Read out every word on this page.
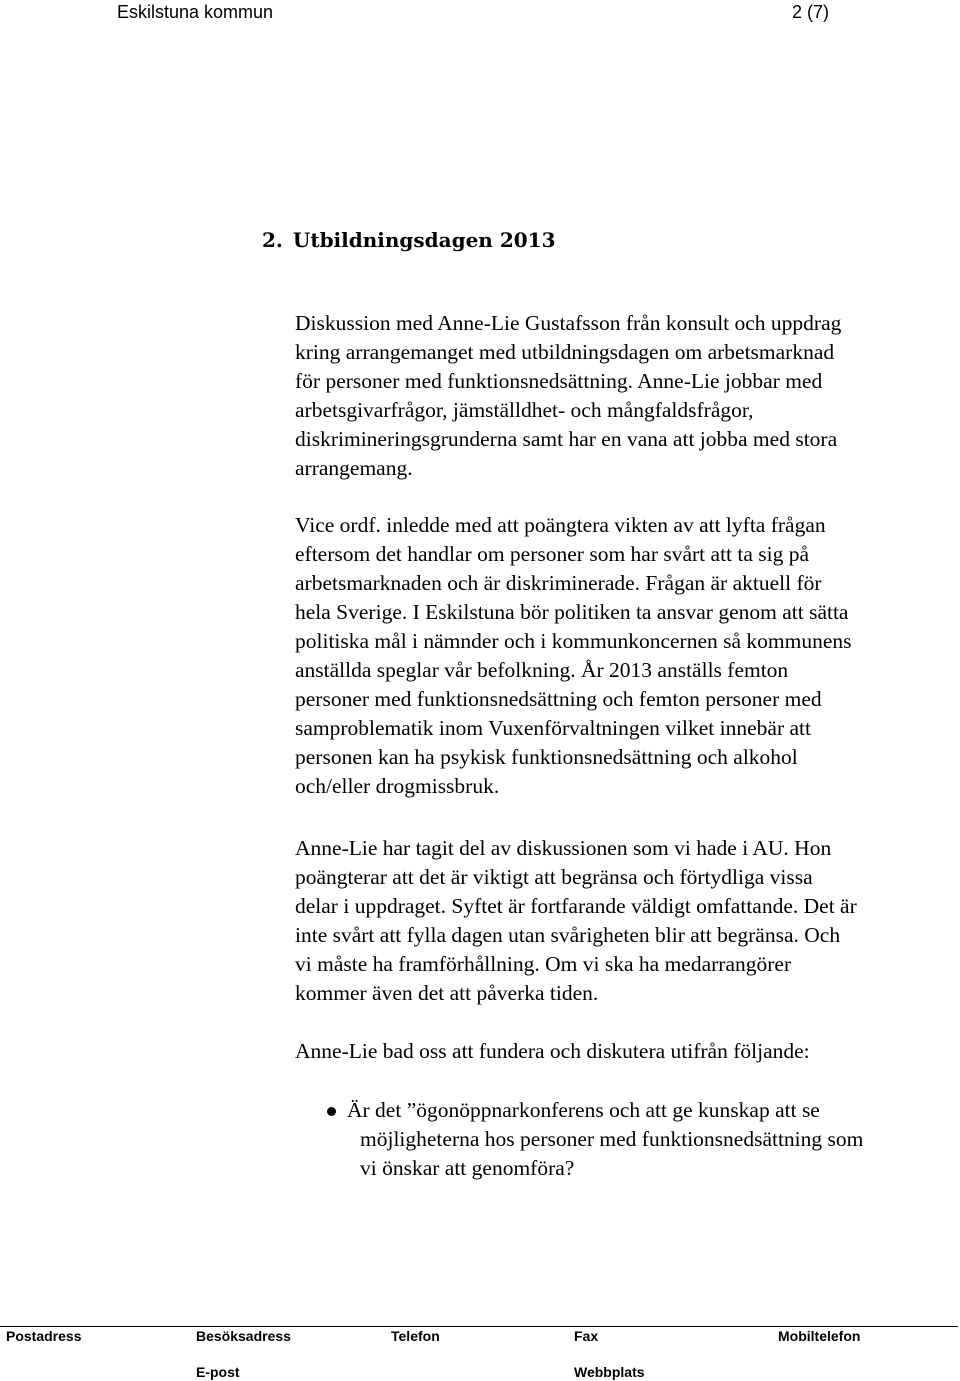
Eskilstuna kommun	2 (7)
2. Utbildningsdagen 2013

Diskussion med Anne-Lie Gustafsson från konsult och uppdrag
kring arrangemanget med utbildningsdagen om arbetsmarknad
för personer med funktionsnedsättning. Anne-Lie jobbar med
arbetsgivarfrågor, jämställdhet- och mångfaldsfrågor,
diskrimineringsgrunderna samt har en vana att jobba med stora
arrangemang.

Vice ordf. inledde med att poängtera vikten av att lyfta frågan
eftersom det handlar om personer som har svårt att ta sig på
arbetsmarknaden och är diskriminerade. Frågan är aktuell för
hela Sverige. I Eskilstuna bör politiken ta ansvar genom att sätta
politiska mål i nämnder och i kommunkoncernen så kommunens
anställda speglar vår befolkning. År 2013 anställs femton
personer med funktionsnedsättning och femton personer med
samproblematik inom Vuxenförvaltningen vilket innebär att
personen kan ha psykisk funktionsnedsättning och alkohol
och/eller drogmissbruk.

Anne-Lie har tagit del av diskussionen som vi hade i AU. Hon
poängterar att det är viktigt att begränsa och förtydliga vissa
delar i uppdraget. Syftet är fortfarande väldigt omfattande. Det är
inte svårt att fylla dagen utan svårigheten blir att begränsa. Och
vi måste ha framförhållning. Om vi ska ha medarrangörer
kommer även det att påverka tiden.

Anne-Lie bad oss att fundera och diskutera utifrån följande:

Är det ”ögonöppnarkonferens och att ge kunskap att se
möjligheterna hos personer med funktionsnedsättning som
vi önskar att genomföra?
Postadress	Besöksadress	Telefon	Fax	Mobiltelefon
E-post	Webbplats
